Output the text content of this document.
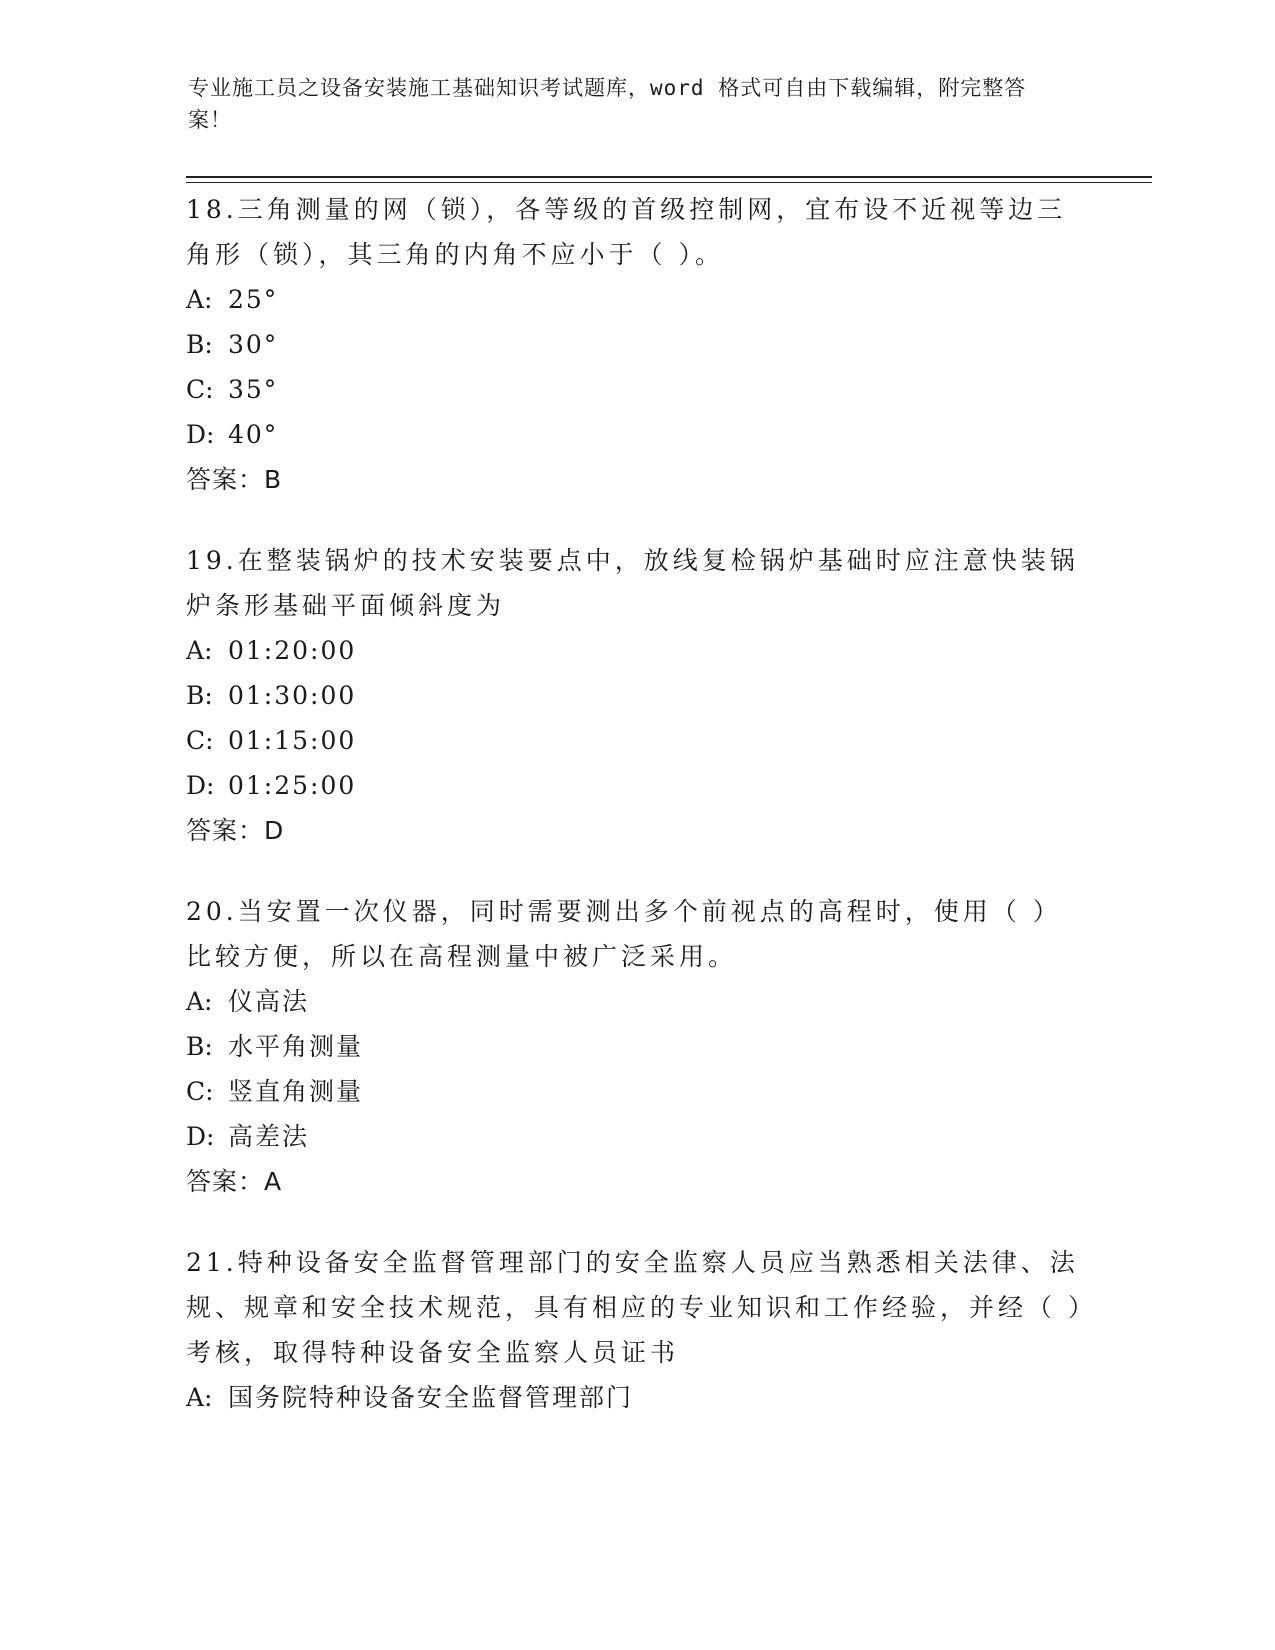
专业施工员之设备安装施工基础知识考试题库，word 格式可自由下载编辑，附完整答案！

18.三角测量的网（锁），各等级的首级控制网，宜布设不近视等边三角形（锁），其三角的内角不应小于（ ）。

A: 25°

B: 30°

C: 35°

D: 40°

答案：B

19.在整装锅炉的技术安装要点中，放线复检锅炉基础时应注意快装锅炉条形基础平面倾斜度为

A: 01:20:00

B: 01:30:00

C: 01:15:00

D: 01:25:00

答案：D

20.当安置一次仪器，同时需要测出多个前视点的高程时，使用（ ）比较方便，所以在高程测量中被广泛采用。

A: 仪高法

B: 水平角测量

C: 竖直角测量

D: 高差法

答案：A

21.特种设备安全监督管理部门的安全监察人员应当熟悉相关法律、法规、规章和安全技术规范，具有相应的专业知识和工作经验，并经（ ）考核，取得特种设备安全监察人员证书

A: 国务院特种设备安全监督管理部门
